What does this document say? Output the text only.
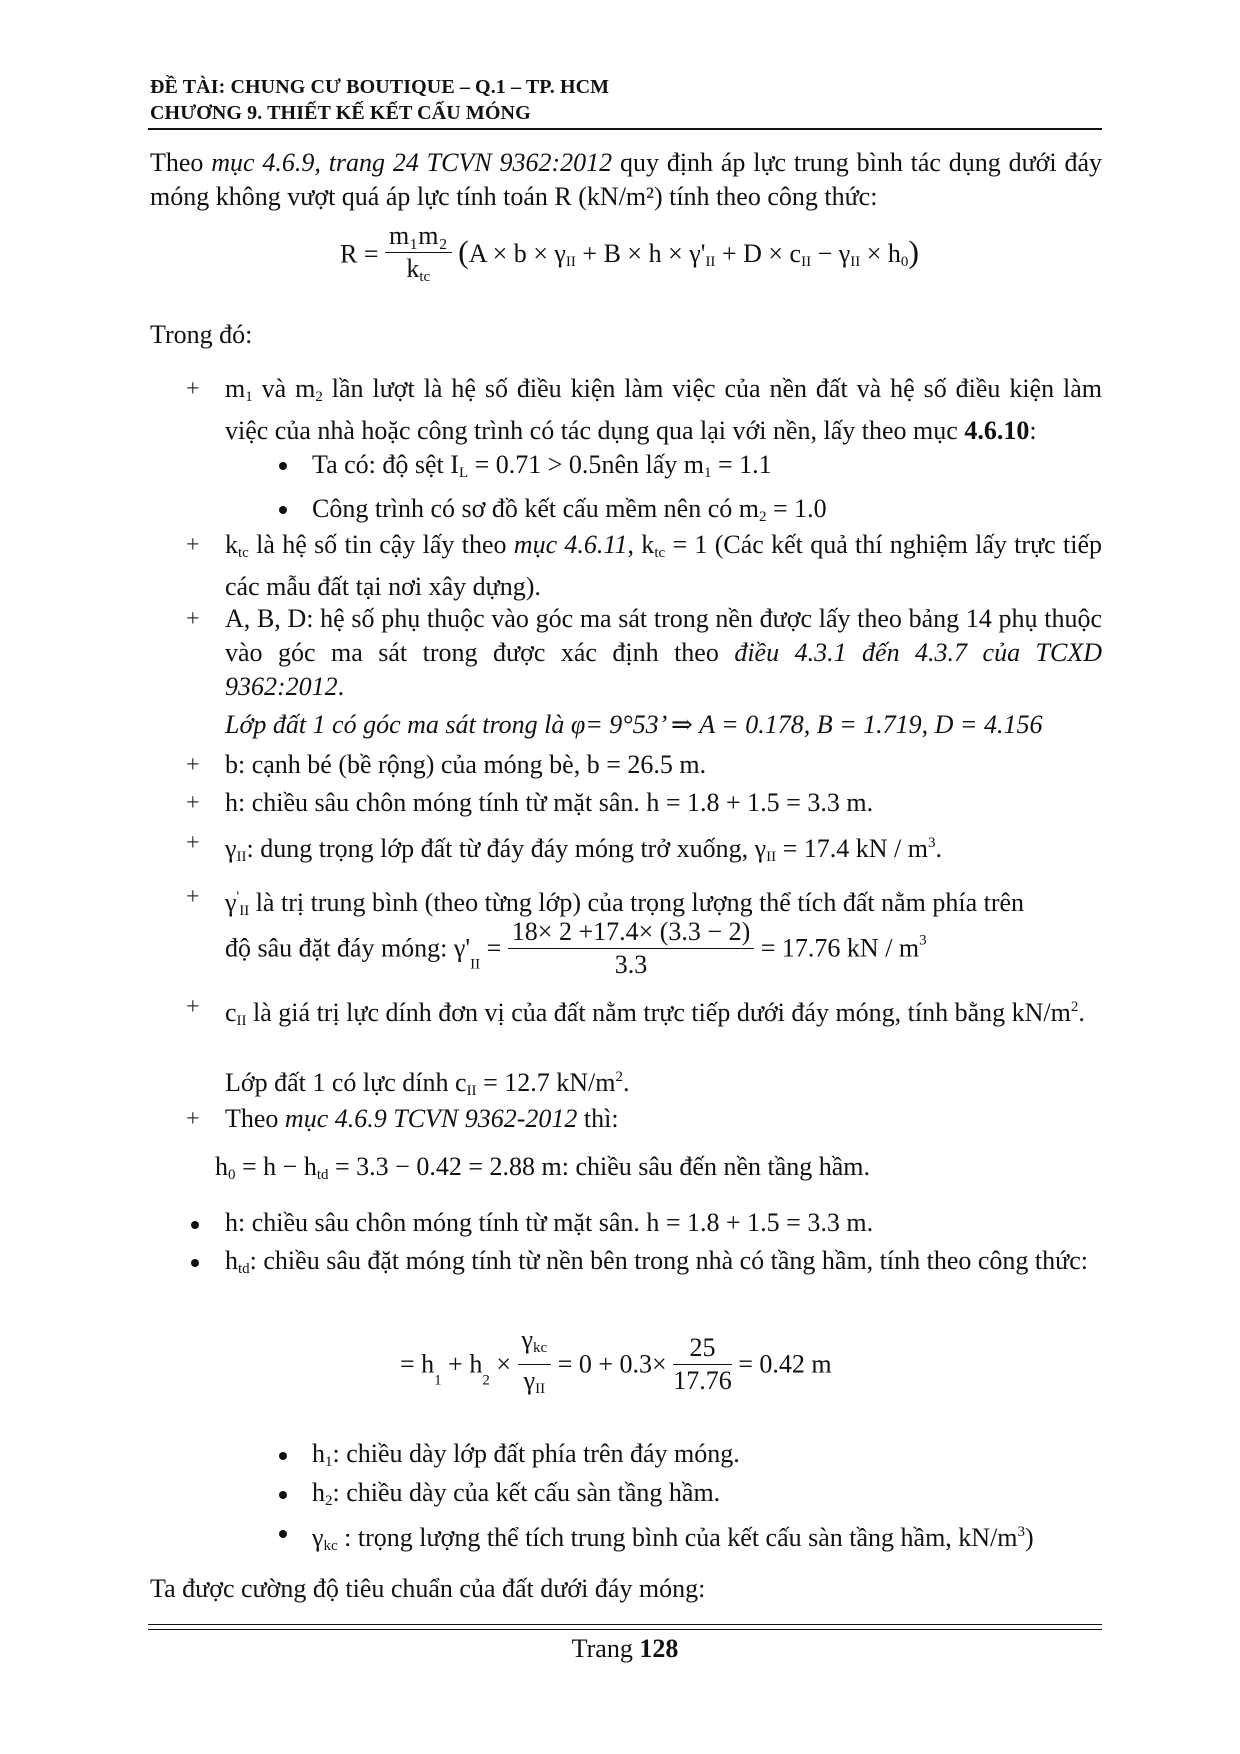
ĐỀ TÀI: CHUNG CƯ BOUTIQUE – Q.1 – TP. HCM
CHƯƠNG 9. THIẾT KẾ KẾT CẤU MÓNG
Theo mục 4.6.9, trang 24 TCVN 9362:2012 quy định áp lực trung bình tác dụng dưới đáy móng không vượt quá áp lực tính toán R (kN/m²) tính theo công thức:
$R = \frac{\text{m₁m₂}}{k_{tc}} (A \times b \times \gamma_{II} + B \times h \times \gamma'_{II} + D \times c_{II} - \gamma_{II} \times h_0)$
Trong đó:
+ $m_1$ và $m_2$ lần lượt là hệ số điều kiện làm việc của nền đất và hệ số điều kiện làm việc của nhà hoặc công trình có tác dụng qua lại với nền, lấy theo mục 4.6.10:
Ta có: độ sệt $I_L = 0.71$ > 0.5nên lấy $m_1 = 1.1$
Công trình có sơ đồ kết cấu mềm nên có $m_2 = 1.0$
+ $k_{tc}$ là hệ số tin cậy lấy theo mục 4.6.11, $k_{tc} = 1$ (Các kết quả thí nghiệm lấy trực tiếp các mẫu đất tại nơi xây dựng).
+ A, B, D: hệ số phụ thuộc vào góc ma sát trong nền được lấy theo bảng 14 phụ thuộc vào góc ma sát trong được xác định theo điều 4.3.1 đến 4.3.7 của TCXD 9362:2012.
Lớp đất 1 có góc ma sát trong là φ= 9°53’ ⇒ A = 0.178, B = 1.719, D = 4.156
+ b: cạnh bé (bề rộng) của móng bè, b = 26.5 m.
+ h: chiều sâu chôn móng tính từ mặt sân. h = 1.8 + 1.5 = 3.3 m.
+ $\gamma_{II}$: dung trọng lớp đất từ đáy đáy móng trở xuống, $\gamma_{II} = 17.4$ kN / $m^3$.
+ $\gamma'_{II}$ là trị trung bình (theo từng lớp) của trọng lượng thể tích đất nằm phía trên
độ sâu đặt đáy móng: $\gamma'_{II} = \frac{18\times 2 +17.4\times (3.3 - 2)}{3.3} = 17.76$ kN / $m^3$
+ $c_{II}$ là giá trị lực dính đơn vị của đất nằm trực tiếp dưới đáy móng, tính bằng $kN/m^2$.
Lớp đất 1 có lực dính $c_{II} = 12.7$ $kN/m^2$.
+ Theo mục 4.6.9 TCVN 9362-2012 thì:
$h_0 = h - h_{td} = 3.3 - 0.42 = 2.88$ m: chiều sâu đến nền tầng hầm.
h: chiều sâu chôn móng tính từ mặt sân. h = 1.8 + 1.5 = 3.3 m.
$h_{td}$: chiều sâu đặt móng tính từ nền bên trong nhà có tầng hầm, tính theo công thức:
= $h_1 + h_2 \times \frac{\gamma_{kc}}{\gamma_{II}} = 0 + 0.3\times \frac{25}{17.76} = 0.42$ m
$h_1$: chiều dày lớp đất phía trên đáy móng.
$h_2$: chiều dày của kết cấu sàn tầng hầm.
$\gamma_{kc}$ : trọng lượng thể tích trung bình của kết cấu sàn tầng hầm, $kN/m^3$)
Ta được cường độ tiêu chuẩn của đất dưới đáy móng:
Trang 128
